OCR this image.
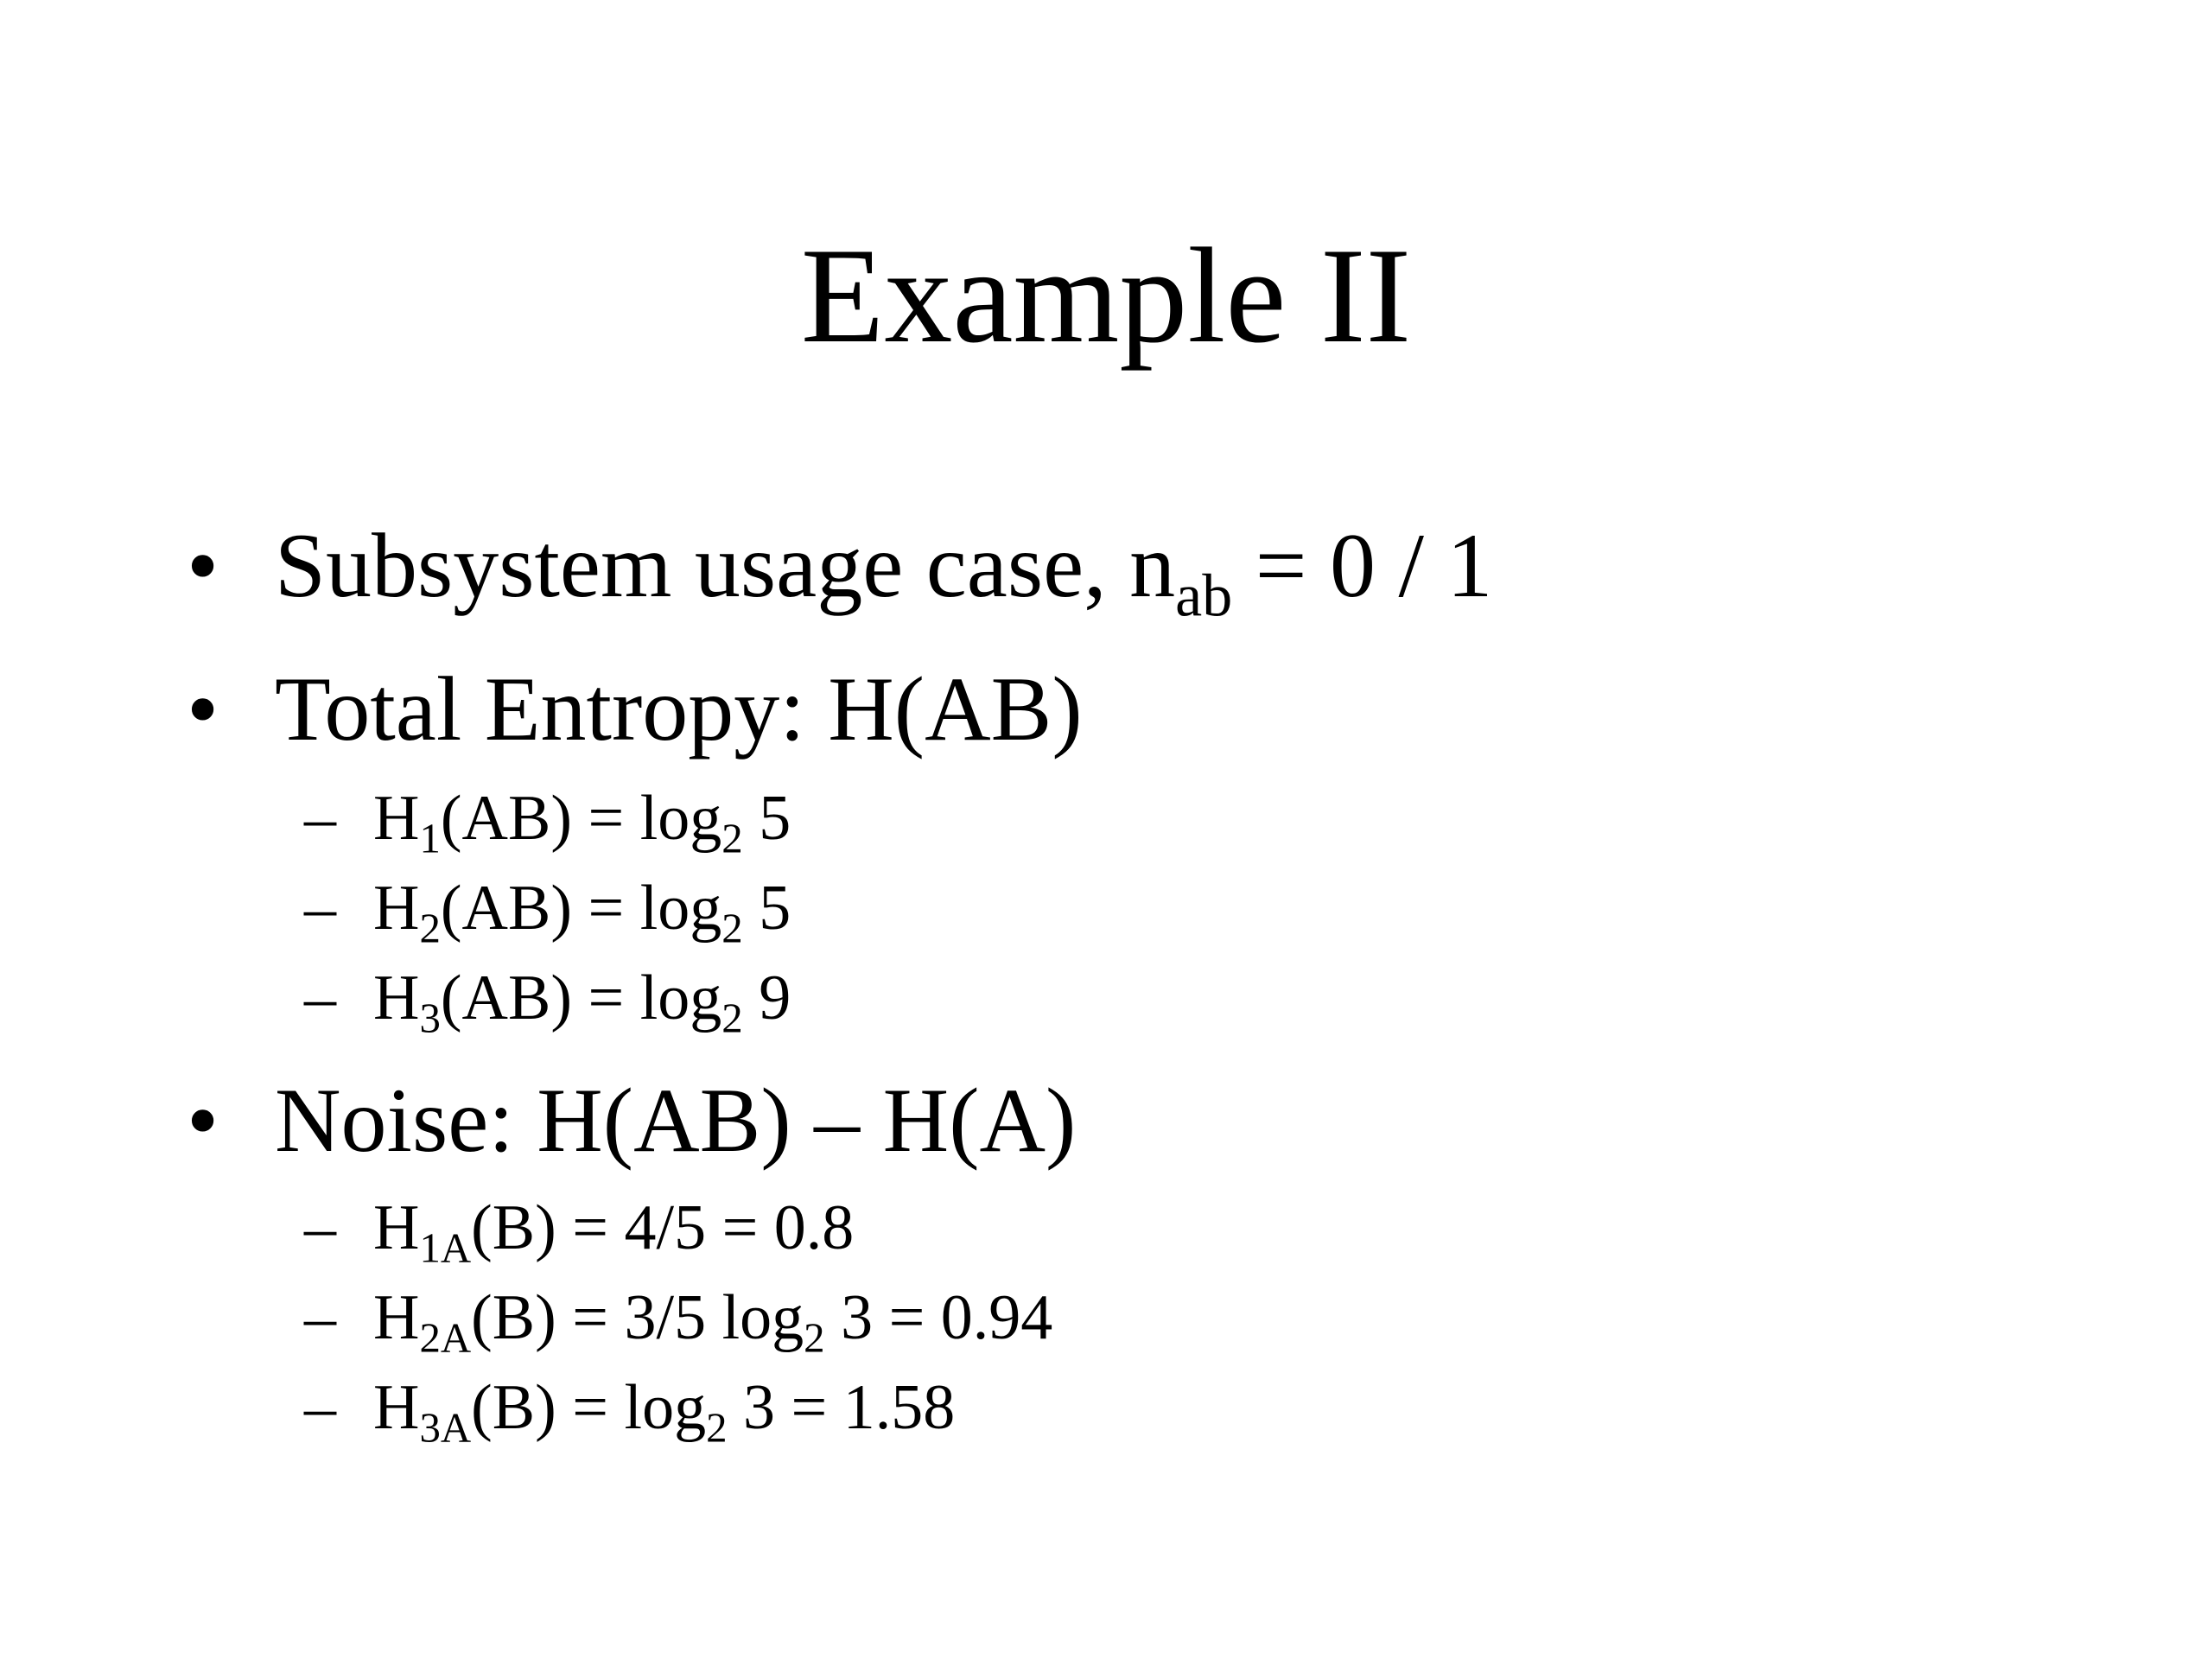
Example II
• Subsystem usage case, $n_{ab} = 0 / 1$
• Total Entropy: H(AB)
– $H_1(AB) = \log_2 5$
– $H_2(AB) = \log_2 5$
– $H_3(AB) = \log_2 9$
• Noise: H(AB) – H(A)
– $H_{1A}(B) = 4/5 = 0.8$
– $H_{2A}(B) = 3/5$ $\log_2 3 = 0.94$
– $H_{3A}(B) = \log_2 3 = 1.58$
